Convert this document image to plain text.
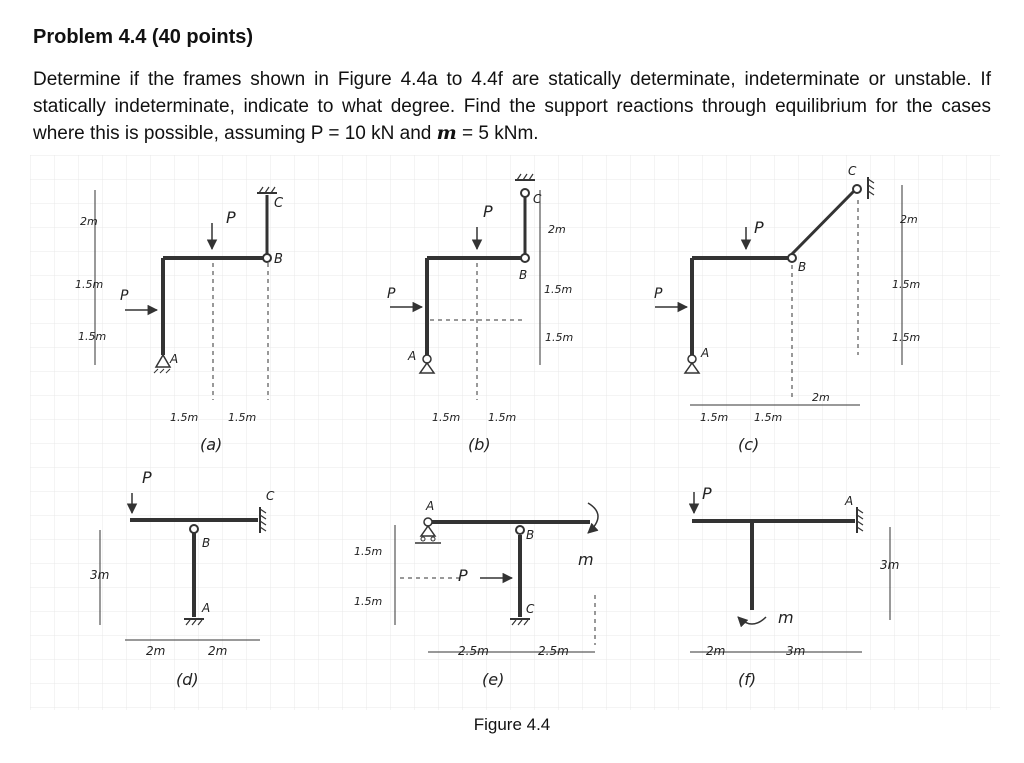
Problem 4.4 (40 points)
Determine if the frames shown in Figure 4.4a to 4.4f are statically determinate, indeterminate or unstable. If statically indeterminate, indicate to what degree. Find the support reactions through equilibrium for the cases where this is possible, assuming P = 10 kN and m = 5 kNm.
P
P
A
B
C
2m
1.5m
1.5m
1.5m	1.5m
(a)
P
P
A
B
C
2m
1.5m
1.5m
1.5m	1.5m
(b)
P
P
A
B
C
2m
1.5m
1.5m
1.5m 1.5m
2m
(c)
P
B
A
C
3m
2m	2m
(d)
P
m
A
B
C
1.5m
1.5m
2.5m	2.5m
(e)
P
m
A
3m
2m	3m
(f)
Figure 4.4
